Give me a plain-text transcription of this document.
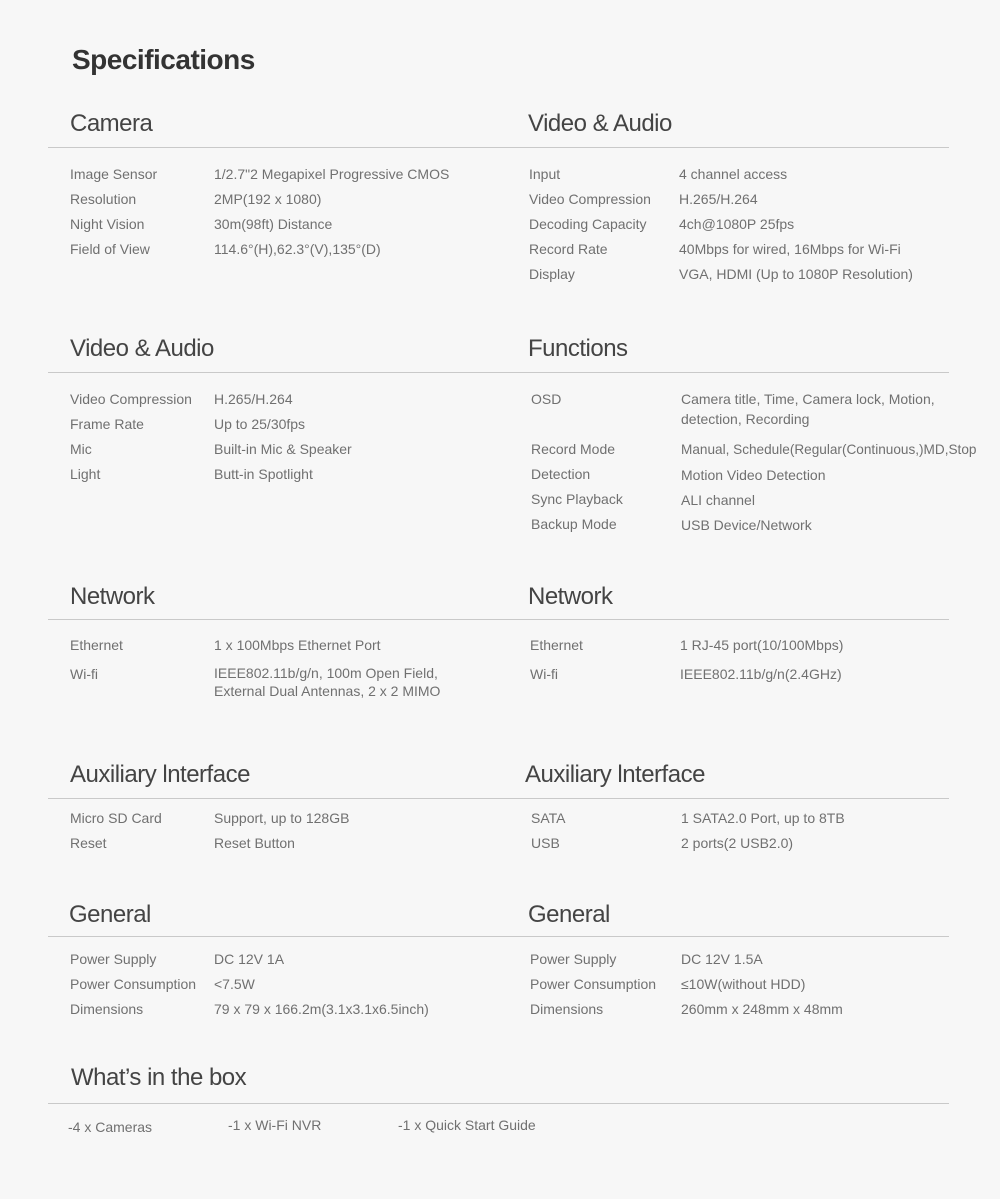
Specifications
Camera	Video & Audio
Image Sensor	1/2.7"2 Megapixel Progressive CMOS
Resolution	2MP(192 x 1080)
Night Vision	30m(98ft) Distance
Field of View	114.6°(H),62.3°(V),135°(D)
Input	4 channel access
Video Compression H.265/H.264
Decoding Capacity 4ch@1080P 25fps
Record Rate	40Mbps for wired, 16Mbps for Wi-Fi
Display	VGA, HDMI (Up to 1080P Resolution)
Video & Audio	Functions
Video Compression H.265/H.264
Frame Rate	Up to 25/30fps
Mic	Built-in Mic & Speaker
Light	Butt-in Spotlight
OSD	Camera title, Time, Camera lock, Motion, detection, Recording
Record Mode	Manual, Schedule(Regular(Continuous,)MD,Stop
Detection	Motion Video Detection
Sync Playback	ALI channel
Backup Mode	USB Device/Network
Network	Network
Ethernet	1 x 100Mbps Ethernet Port
Wi-fi	IEEE802.11b/g/n, 100m Open Field, External Dual Antennas, 2 x 2 MIMO
Ethernet	1 RJ-45 port(10/100Mbps)
Wi-fi	IEEE802.11b/g/n(2.4GHz)
Auxiliary lnterface	Auxiliary lnterface
Micro SD Card	Support, up to 128GB
Reset	Reset Button
SATA	1 SATA2.0 Port, up to 8TB
USB	2 ports(2 USB2.0)
General	General
Power Supply	DC 12V 1A
Power Consumption <7.5W
Dimensions	79 x 79 x 166.2m(3.1x3.1x6.5inch)
Power Supply	DC 12V 1.5A
Power Consumption ≤10W(without HDD)
Dimensions	260mm x 248mm x 48mm
What’s in the box
-4 x Cameras	-1 x Wi-Fi NVR	-1 x Quick Start Guide
